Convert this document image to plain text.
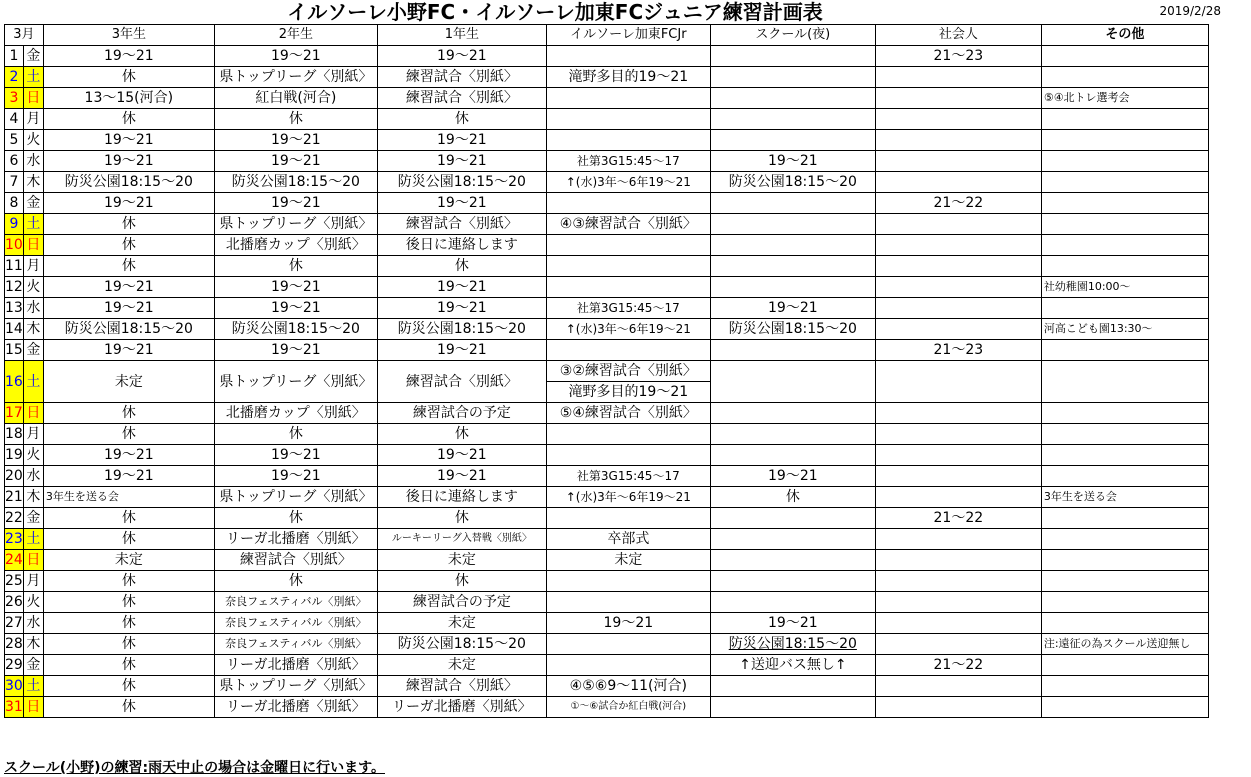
イルソーレ小野FC・イルソーレ加東FCジュニア練習計画表	2019/2/28
3月		3年生	2年生	1年生	イルソーレ加東FCJr	スクール(夜)	社会人	その他
1	金	19～21	19～21	19～21			21～23	
2	土	休	県トップリーグ〈別紙〉	練習試合〈別紙〉	滝野多目的19～21			
3	日	13～15(河合)	紅白戦(河合)	練習試合〈別紙〉				⑤④北トレ選考会
4	月	休	休	休				
5	火	19～21	19～21	19～21				
6	水	19～21	19～21	19～21	社第3G15:45～17	19～21		
7	木	防災公園18:15～20	防災公園18:15～20	防災公園18:15～20	↑(水)3年～6年19～21	防災公園18:15～20		
8	金	19～21	19～21	19～21			21～22	
9	土	休	県トップリーグ〈別紙〉	練習試合〈別紙〉	④③練習試合〈別紙〉			
10	日	休	北播磨カップ〈別紙〉	後日に連絡します				
11	月	休	休	休				
12	火	19～21	19～21	19～21				社幼稚園10:00～
13	水	19～21	19～21	19～21	社第3G15:45～17	19～21		
14	木	防災公園18:15～20	防災公園18:15～20	防災公園18:15～20	↑(水)3年～6年19～21	防災公園18:15～20		河高こども園13:30～
15	金	19～21	19～21	19～21			21～23	
16	土	未定	県トップリーグ〈別紙〉	練習試合〈別紙〉	③②練習試合〈別紙〉			
					滝野多目的19～21			
17	日	休	北播磨カップ〈別紙〉	練習試合の予定	⑤④練習試合〈別紙〉			
18	月	休	休	休				
19	火	19～21	19～21	19～21				
20	水	19～21	19～21	19～21	社第3G15:45～17	19～21		
21	木	3年生を送る会	県トップリーグ〈別紙〉	後日に連絡します	↑(水)3年～6年19～21	休		3年生を送る会
22	金	休	休	休			21～22	
23	土	休	リーガ北播磨〈別紙〉	ルーキーリーグ入替戦〈別紙〉	卒部式			
24	日	未定	練習試合〈別紙〉	未定	未定			
25	月	休	休	休				
26	火	休	奈良フェスティバル〈別紙〉	練習試合の予定				
27	水	休	奈良フェスティバル〈別紙〉	未定	19～21	19～21		
28	木	休	奈良フェスティバル〈別紙〉	防災公園18:15～20		防災公園18:15～20		注:遠征の為スクール送迎無し
29	金	休	リーガ北播磨〈別紙〉	未定		↑送迎バス無し↑	21～22	
30	土	休	県トップリーグ〈別紙〉	練習試合〈別紙〉	④⑤⑥9～11(河合)			
31	日	休	リーガ北播磨〈別紙〉	リーガ北播磨〈別紙〉	①～⑥試合か紅白戦(河合)			
スクール(小野)の練習:雨天中止の場合は金曜日に行います。
